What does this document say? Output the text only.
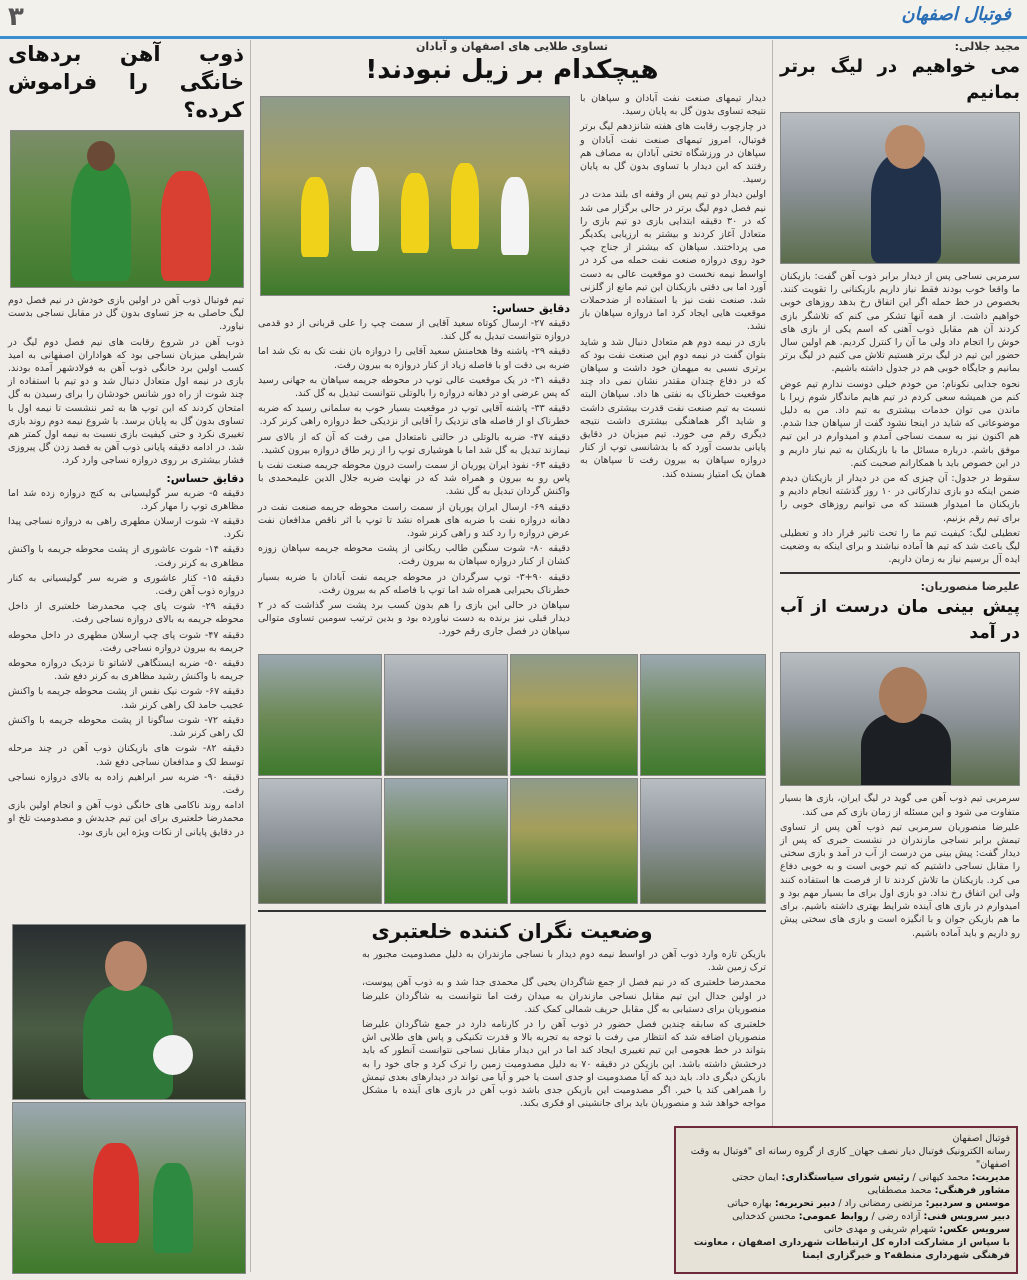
۳	فوتبال اصفهان
مجید جلالی:
می خواهیم در لیگ برتر بمانیم

سرمربی نساجی پس از دیدار برابر ذوب آهن گفت: بازیکنان ما واقعا خوب بودند فقط نیاز داریم بازیکنانی را تقویت کنند. بخصوص در خط حمله اگر این اتفاق رخ بدهد روزهای خوبی خواهیم داشت. از همه آنها تشکر می کنم که تلاشگر بازی کردند آن هم مقابل ذوب آهنی که اسم یکی از بازی های خوش را اتجام داد ولی ما آن را کنترل کردیم. هم اولین سال حضور این تیم در لیگ برتر هستیم تلاش می کنیم در لیگ برتر بمانیم و جایگاه خوبی هم در جدول داشته باشیم.

نحوه جدایی نکونام: من خودم خیلی دوست ندارم تیم عوض کنم من همیشه سعی کردم در تیم هایم ماندگار شوم زیرا با ماندن می توان خدمات بیشتری به تیم داد. من به دلیل موضوعاتی که شاید در اینجا نشود گفت از سپاهان جدا شدم. هم اکنون نیز به سمت نساجی آمدم و امیدوارم در این تیم موفق باشم. درباره مسائل ما با بازیکنان به تیم نیاز داریم و در این خصوص باید با همکارانم صحبت کنم.

سقوط در جدول: آن چیزی که من در دیدار از بازیکنان دیدم ضمن اینکه دو بازی تدارکاتی در ۱۰ روز گذشته انجام دادیم و بازیکنان ما امیدوار هستند که می توانیم روزهای خوبی را برای تیم رقم بزنیم.

تعطیلی لیگ: کیفیت تیم ما را تحت تاثیر قرار داد و تعطیلی لیگ باعث شد که تیم ها آماده نباشند و برای اینکه به وضعیت ایده آل برسیم نیاز به زمان داریم.

علیرضا منصوریان:
پیش بینی مان درست از آب در آمد

سرمربی تیم ذوب آهن می گوید در لیگ ایران، بازی ها بسیار متفاوت می شود و این مسئله از زمان بازی کم می کند.

علیرضا منصوریان سرمربی تیم ذوب آهن پس از تساوی تیمش برابر نساجی مازندران در نشست خبری که پس از دیدار گفت: پیش بینی من درست از آب در آمد و بازی سختی را مقابل نساجی داشتیم که تیم خوبی است و به خوبی دفاع می کرد. بازیکنان ما تلاش کردند تا از فرصت ها استفاده کنند ولی این اتفاق رخ نداد. دو بازی اول برای ما بسیار مهم بود و امیدوارم در بازی های آینده شرایط بهتری داشته باشیم. برای ما هم بازیکن جوان و با انگیزه است و بازی های سختی پیش رو داریم و باید آماده باشیم.

تساوی طلایی های اصفهان و آبادان
هیچکدام بر زیل نبودند!

دیدار تیمهای صنعت نفت آبادان و سپاهان با نتیجه تساوی بدون گل به پایان رسید.

در چارچوب رقابت های هفته شانزدهم لیگ برتر فوتبال، امروز تیمهای صنعت نفت آبادان و سپاهان در ورزشگاه تختی آبادان به مصاف هم رفتند که این دیدار با تساوی بدون گل به پایان رسید.

اولین دیدار دو تیم پس از وقفه ای بلند مدت در نیم فصل دوم لیگ برتر در حالی برگزار می شد که در ۳۰ دقیقه ابتدایی بازی دو تیم بازی را متعادل آغاز کردند و بیشتر به ارزیابی یکدیگر می پرداختند. سپاهان که بیشتر از جناح چپ خود روی دروازه صنعت نفت حمله می کرد در اواسط نیمه نخست دو موقعیت عالی به دست آورد اما بی دقتی بازیکنان این تیم مانع از گلزنی شد. صنعت نفت نیز با استفاده از ضدحملات موقعیت هایی ایجاد کرد اما دروازه سپاهان باز نشد.

بازی در نیمه دوم هم متعادل دنبال شد و شاید بتوان گفت در نیمه دوم این صنعت نفت بود که برتری نسبی به میهمان خود داشت و سپاهان که در دفاع چندان مقتدر نشان نمی داد چند موقعیت خطرناک به نفتی ها داد. سپاهان البته نسبت به تیم صنعت نفت قدرت بیشتری داشت و شاید اگر هماهنگی بیشتری داشت نتیجه دیگری رقم می خورد. تیم میزبان در دقایق پایانی بدست آورد که با بدشانسی توپ از کنار دروازه سپاهان به بیرون رفت تا سپاهان به همان یک امتیاز بسنده کند.

دقایق حساس:

دقیقه ۲۷- ارسال کوتاه سعید آقایی از سمت چپ را علی قربانی از دو قدمی دروازه نتوانست تبدیل به گل کند.

دقیقه ۲۹- پاشنه وفا هخامنش سعید آقایی را دروازه بان نفت تک به تک شد اما ضربه بی دقت او با فاصله زیاد از کنار دروازه به بیرون رفت.

دقیقه ۳۱- در یک موقعیت عالی توپ در محوطه جریمه سپاهان به جهانی رسید که پس عرضی او در دهانه دروازه را بالوتلی نتوانست تبدیل به گل کند.

دقیقه ۳۳- پاشنه آقایی توپ در موقعیت بسیار خوب به سلمانی رسید که ضربه خطرناک او از فاصله های نزدیک را آقایی از نزدیکی خط دروازه راهی کرنر کرد.

دقیقه ۴۷- ضربه بالوتلی در حالتی نامتعادل می رفت که آن که از بالای سر نیمازند تبدیل به گل شد اما با هوشیاری توپ را از زیر طاق دروازه بیرون کشید.

دقیقه ۶۳- نفوذ ایران پوریان از سمت راست درون محوطه جریمه صنعت نفت با پاس رو به بیرون و همراه شد که در نهایت ضربه جلال الدین علیمحمدی با واکنش گردان تبدیل به گل نشد.

دقیقه ۶۹- ارسال ایران پوریان از سمت راست محوطه جریمه صنعت نفت در دهانه دروازه نفت با ضربه های همراه نشد تا توپ با اثر ناقص مدافعان نفت عرض دروازه را رد کند و راهی کرنر شود.

دقیقه ۸۰- شوت سنگین طالب ریکانی از پشت محوطه جریمه سپاهان زوزه کشان از کنار دروازه سپاهان به بیرون رفت.

دقیقه ۹۰+۳- توپ سرگردان در محوطه جریمه نفت آبادان با ضربه بسیار خطرناک بحیرایی همراه شد اما توپ با فاصله کم به بیرون رفت.

سپاهان در حالی این بازی را هم بدون کسب برد پشت سر گذاشت که در ۲ دیدار قبلی نیز برنده به دست نیاورده بود و بدین ترتیب سومین تساوی متوالی سپاهان در فصل جاری رقم خورد.

وضعیت نگران کننده خلعتبری

بازیکن تازه وارد ذوب آهن در اواسط نیمه دوم دیدار با نساجی مازندران به دلیل مصدومیت مجبور به ترک زمین شد.

محمدرضا خلعتبری که در نیم فصل از جمع شاگردان یحیی گل محمدی جدا شد و به ذوب آهن پیوست، در اولین جدال این تیم مقابل نساجی مازندران به میدان رفت اما نتوانست به شاگردان علیرضا منصوریان برای دستیابی به گل مقابل حریف شمالی کمک کند.

خلعتبری که سابقه چندین فصل حضور در ذوب آهن را در کارنامه دارد در جمع شاگردان علیرضا منصوریان اضافه شد که انتظار می رفت با توجه به تجربه بالا و قدرت تکنیکی و پاس های طلایی اش بتواند در خط هجومی این تیم تغییری ایجاد کند اما در این دیدار مقابل نساجی نتوانست آنطور که باید درخشش داشته باشد. این بازیکن در دقیقه ۷۰ به دلیل مصدومیت زمین را ترک کرد و جای خود را به بازیکن دیگری داد. باید دید که آیا مصدومیت او جدی است یا خیر و آیا می تواند در دیدارهای بعدی تیمش را همراهی کند یا خیر. اگر مصدومیت این بازیکن جدی باشد ذوب آهن در بازی های آینده با مشکل مواجه خواهد شد و منصوریان باید برای جانشینی او فکری بکند.

ذوب آهن بردهای خانگی را فراموش کرده؟

تیم فوتبال ذوب آهن در اولین بازی خودش در نیم فصل دوم لیگ حاصلی به جز تساوی بدون گل در مقابل نساجی بدست نیاورد.

ذوب آهن در شروع رقابت های نیم فصل دوم لیگ در شرایطی میزبان نساجی بود که هواداران اصفهانی به امید کسب اولین برد خانگی ذوب آهن به فولادشهر آمده بودند. بازی در نیمه اول متعادل دنبال شد و دو تیم با استفاده از چند شوت از راه دور شانس خودشان را برای رسیدن به گل امتحان کردند که این توپ ها به ثمر ننشست تا نیمه اول با تساوی بدون گل به پایان برسد. با شروع نیمه دوم روند بازی تغییری نکرد و حتی کیفیت بازی نسبت به نیمه اول کمتر هم شد. در ادامه دقیقه پایانی ذوب آهن به قصد زدن گل پیروزی فشار بیشتری بر روی دروازه نساجی وارد کرد.

دقایق حساس:

دقیقه ۵- ضربه سر گولیسیانی به کنج دروازه زده شد اما مظاهری توپ را مهار کرد.

دقیقه ۷- شوت ارسلان مطهری راهی به دروازه نساجی پیدا نکرد.

دقیقه ۱۴- شوت عاشوری از پشت محوطه جریمه با واکنش مظاهری به کرنر رفت.

دقیقه ۱۵- کنار عاشوری و ضربه سر گولیسیانی به کنار دروازه ذوب آهن رفت.

دقیقه ۲۹- شوت پای چپ محمدرضا خلعتبری از داخل محوطه جریمه به بالای دروازه نساجی رفت.

دقیقه ۴۷- شوت پای چپ ارسلان مطهری در داخل محوطه جریمه به بیرون دروازه نساجی رفت.

دقیقه ۵۰- ضربه ایستگاهی لاشاتو تا نزدیک دروازه محوطه جریمه با واکنش رشید مظاهری به کرنر دفع شد.

دقیقه ۶۷- شوت نیک نفس از پشت محوطه جریمه با واکنش عجیب حامد لک راهی کرنر شد.

دقیقه ۷۲- شوت ساگونا از پشت محوطه جریمه با واکنش لک راهی کرنر شد.

دقیقه ۸۲- شوت های بازیکنان ذوب آهن در چند مرحله توسط لک و مدافعان نساجی دفع شد.

دقیقه ۹۰- ضربه سر ابراهیم زاده به بالای دروازه نساجی رفت.

ادامه روند ناکامی های خانگی ذوب آهن و انجام اولین بازی محمدرضا خلعتبری برای این تیم جدیدش و مصدومیت تلخ او در دقایق پایانی از نکات ویژه این بازی بود.

فوتبال اصفهان
رسانه الکترونیک فوتبال دیار نصف جهان_ کاری از گروه رسانه ای "فوتبال به وقت اصفهان"
مدیریت: محمد کیهانی / رئیس شورای سیاستگذاری: ایمان حجتی
مشاور فرهنگی: محمد مصطفایی
موسس و سردبیر: مرتضی رمضانی راد / دبیر تحریریه: بهاره حیاتی
دبیر سرویس فنی: آزاده رضی / روابط عمومی: محسن کدخدایی
سرویس عکس: شهرام شریفی و مهدی خانی
با سپاس از مشارکت اداره کل ارتباطات شهرداری اصفهان ، معاونت فرهنگی شهرداری منطقه۲ و خبرگزاری ایمنا
